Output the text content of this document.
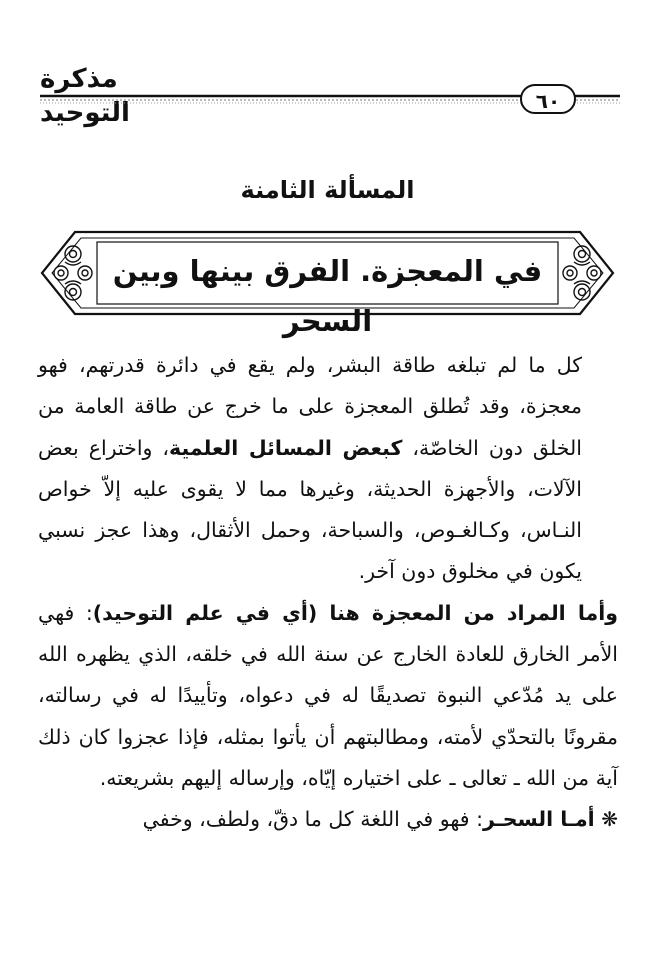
مذكرة التوحيد	٦٠
المسألة الثامنة
في المعجزة. الفرق بينها وبين السحر

كل ما لم تبلغه طاقة البشر، ولم يقع في دائرة قدرتهم، فهو معجزة، وقد تُطلق المعجزة على ما خرج عن طاقة العامة من الخلق دون الخاصّة، كبعض المسائل العلمية، واختراع بعض الآلات، والأجهزة الحديثة، وغيرها مما لا يقوى عليه إلاّ خواص النـاس، وكـالغـوص، والسباحة، وحمل الأثقال، وهذا عجز نسبي يكون في مخلوق دون آخر.

وأما المراد من المعجزة هنا (أي في علم التوحيد): فهي الأمر الخارق للعادة الخارج عن سنة الله في خلقه، الذي يظهره الله على يد مُدّعي النبوة تصديقًا له في دعواه، وتأييدًا له في رسالته، مقرونًا بالتحدّي لأمته، ومطالبتهم أن يأتوا بمثله، فإذا عجزوا كان ذلك آية من الله ـ تعالى ـ على اختياره إيّاه، وإرساله إليهم بشريعته.

❋ أمـا السحـر: فهو في اللغة كل ما دقّ، ولطف، وخفي
